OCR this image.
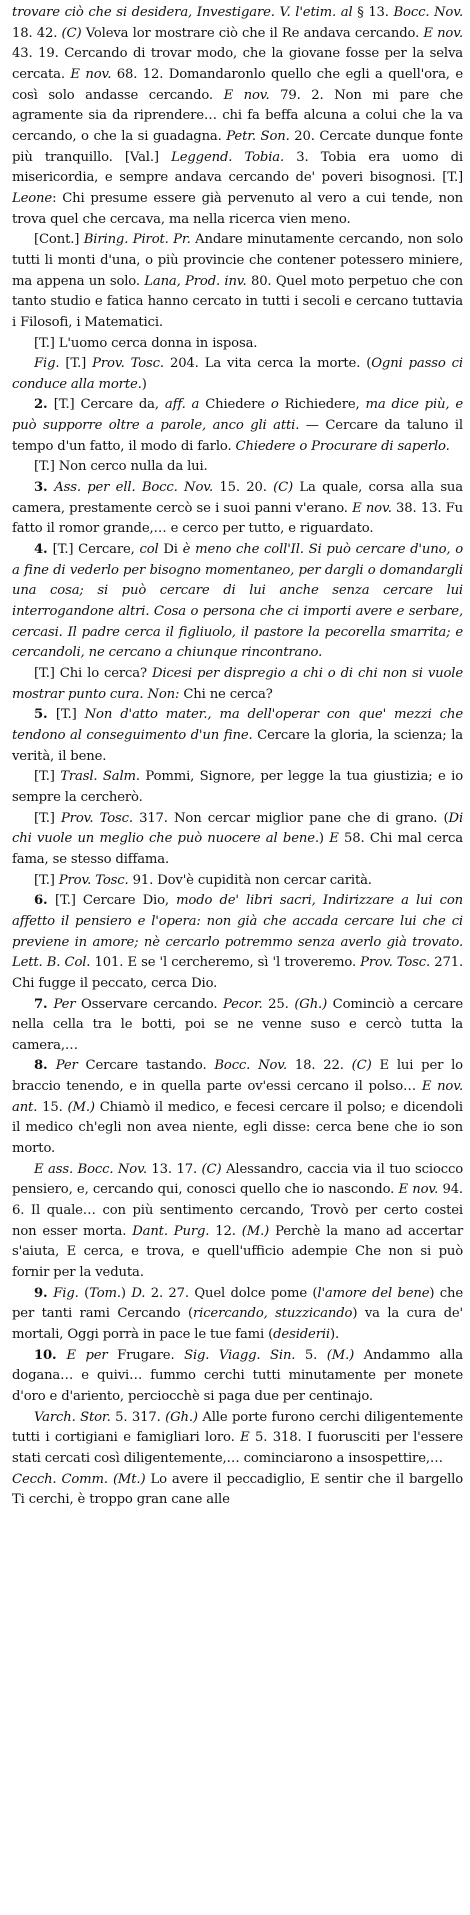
trovare ciò che si desidera, Investigare. V. l'etim. al § 13. Bocc. Nov. 18. 42. (C) Voleva lor mostrare ciò che il Re andava cercando. E nov. 43. 19. Cercando di trovar modo, che la giovane fosse per la selva cercata. E nov. 68. 12. Domandaronlo quello che egli a quell'ora, e così solo andasse cercando. E nov. 79. 2. Non mi pare che agramente sia da riprendere… chi fa beffa alcuna a colui che la va cercando, o che la si guadagna. Petr. Son. 20. Cercate dunque fonte più tranquillo. [Val.] Leggend. Tobia. 3. Tobia era uomo di misericordia, e sempre andava cercando de' poveri bisognosi. [T.] Leone: Chi presume essere già pervenuto al vero a cui tende, non trova quel che cercava, ma nella ricerca vien meno.

[Cont.] Biring. Pirot. Pr. Andare minutamente cercando, non solo tutti li monti d'una, o più provincie che contener potessero miniere, ma appena un solo. Lana, Prod. inv. 80. Quel moto perpetuo che con tanto studio e fatica hanno cercato in tutti i secoli e cercano tuttavia i Filosofi, i Matematici.

[T.] L'uomo cerca donna in isposa.

Fig. [T.] Prov. Tosc. 204. La vita cerca la morte. (Ogni passo ci conduce alla morte.)

2. [T.] Cercare da, aff. a Chiedere o Richiedere, ma dice più, e può supporre oltre a parole, anco gli atti. — Cercare da taluno il tempo d'un fatto, il modo di farlo. Chiedere o Procurare di saperlo.

[T.] Non cerco nulla da lui.

3. Ass. per ell. Bocc. Nov. 15. 20. (C) La quale, corsa alla sua camera, prestamente cercò se i suoi panni v'erano. E nov. 38. 13. Fu fatto il romor grande,… e cerco per tutto, e riguardato.

4. [T.] Cercare, col Di è meno che coll'Il. Si può cercare d'uno, o a fine di vederlo per bisogno momentaneo, per dargli o domandargli una cosa; si può cercare di lui anche senza cercare lui interrogandone altri. Cosa o persona che ci importi avere e serbare, cercasi. Il padre cerca il figliuolo, il pastore la pecorella smarrita; e cercandoli, ne cercano a chiunque rincontrano.

[T.] Chi lo cerca? Dicesi per dispregio a chi o di chi non si vuole mostrar punto cura. Non: Chi ne cerca?

5. [T.] Non d'atto mater., ma dell'operar con que' mezzi che tendono al conseguimento d'un fine. Cercare la gloria, la scienza; la verità, il bene.

[T.] Trasl. Salm. Pommi, Signore, per legge la tua giustizia; e io sempre la cercherò.

[T.] Prov. Tosc. 317. Non cercar miglior pane che di grano. (Di chi vuole un meglio che può nuocere al bene.) E 58. Chi mal cerca fama, se stesso diffama.

[T.] Prov. Tosc. 91. Dov'è cupidità non cercar carità.

6. [T.] Cercare Dio, modo de' libri sacri, Indirizzare a lui con affetto il pensiero e l'opera: non già che accada cercare lui che ci previene in amore; nè cercarlo potremmo senza averlo già trovato. Lett. B. Col. 101. E se 'l cercheremo, sì 'l troveremo. Prov. Tosc. 271. Chi fugge il peccato, cerca Dio.

7. Per Osservare cercando. Pecor. 25. (Gh.) Cominciò a cercare nella cella tra le botti, poi se ne venne suso e cercò tutta la camera,…

8. Per Cercare tastando. Bocc. Nov. 18. 22. (C) E lui per lo braccio tenendo, e in quella parte ov'essi cercano il polso… E nov. ant. 15. (M.) Chiamò il medico, e fecesi cercare il polso; e dicendoli il medico ch'egli non avea niente, egli disse: cerca bene che io son morto.

E ass. Bocc. Nov. 13. 17. (C) Alessandro, caccia via il tuo sciocco pensiero, e, cercando qui, conosci quello che io nascondo. E nov. 94. 6. Il quale… con più sentimento cercando, Trovò per certo costei non esser morta. Dant. Purg. 12. (M.) Perchè la mano ad accertar s'aiuta, E cerca, e trova, e quell'ufficio adempie Che non si può fornir per la veduta.

9. Fig. (Tom.) D. 2. 27. Quel dolce pome (l'amore del bene) che per tanti rami Cercando (ricercando, stuzzicando) va la cura de' mortali, Oggi porrà in pace le tue fami (desiderii).

10. E per Frugare. Sig. Viagg. Sin. 5. (M.) Andammo alla dogana… e quivi… fummo cerchi tutti minutamente per monete d'oro e d'ariento, perciocchè si paga due per centinajo.

Varch. Stor. 5. 317. (Gh.) Alle porte furono cerchi diligentemente tutti i cortigiani e famigliari loro. E 5. 318. I fuorusciti per l'essere stati cercati così diligentemente,… cominciarono a insospettire,…

Cecch. Comm. (Mt.) Lo avere il peccadiglio, E sentir che il bargello Ti cerchi, è troppo gran cane alle
